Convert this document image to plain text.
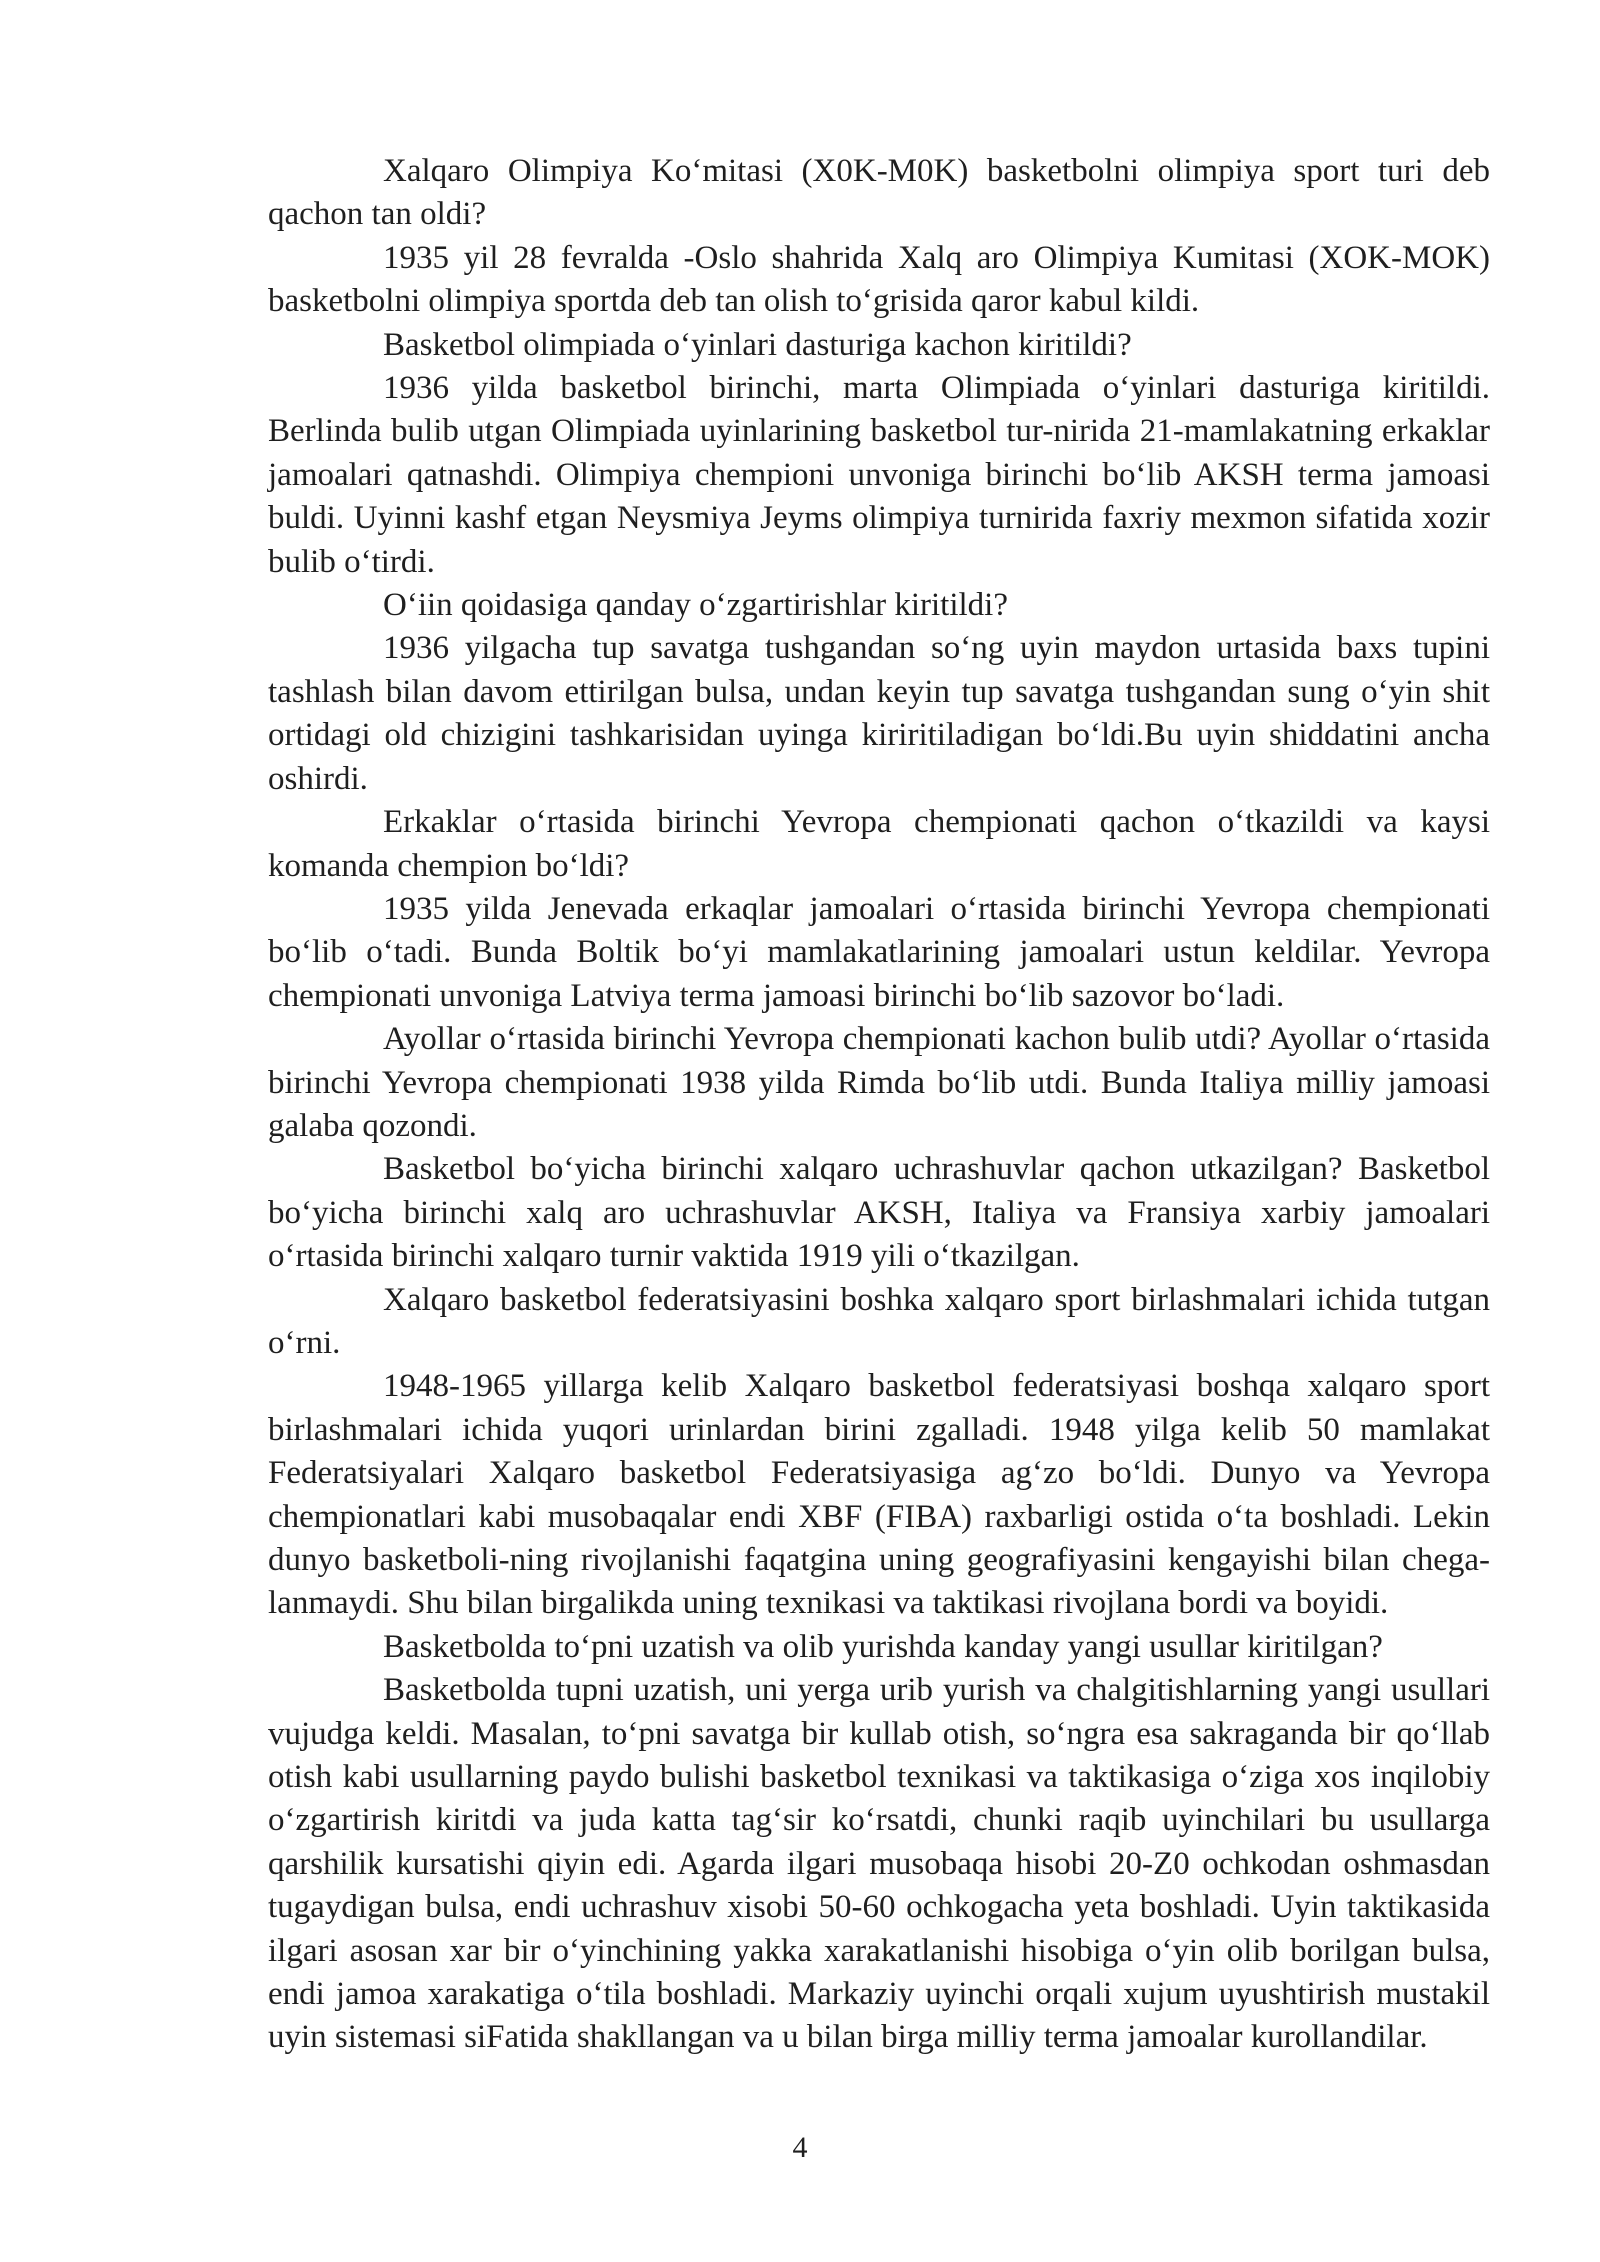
Xalqaro Olimpiya Koʻmitasi (X0K-M0K) basketbolni olimpiya sport turi deb qachon tan oldi?

1935 yil 28 fevralda -Oslo shahrida Xalq aro Olimpiya Kumitasi (XOK-MOK) basketbolni olimpiya sportda deb tan olish toʻgrisida qaror kabul kildi.

Basketbol olimpiada oʻyinlari dasturiga kachon kiritildi?

1936 yilda basketbol birinchi, marta Olimpiada oʻyinlari dasturiga kiritildi. Berlinda bulib utgan Olimpiada uyinlarining basketbol tur-nirida 21-mamlakatning erkaklar jamoalari qatnashdi. Olimpiya chempioni unvoniga birinchi boʻlib AKSH terma jamoasi buldi. Uyinni kashf etgan Neysmiya Jeyms olimpiya turnirida faxriy mexmon sifatida xozir bulib oʻtirdi.

Oʻiin qoidasiga qanday oʻzgartirishlar kiritildi?

1936 yilgacha tup savatga tushgandan soʻng uyin maydon urtasida baxs tupini tashlash bilan davom ettirilgan bulsa, undan keyin tup savatga tushgandan sung oʻyin shit ortidagi old chizigini tashkarisidan uyinga kiriritiladigan boʻldi.Bu uyin shiddatini ancha oshirdi.

Erkaklar oʻrtasida birinchi Yevropa chempionati qachon oʻtkazildi va kaysi komanda chempion boʻldi?

1935 yilda Jenevada erkaqlar jamoalari oʻrtasida birinchi Yevropa chempionati boʻlib oʻtadi. Bunda Boltik boʻyi mamlakatlarining jamoalari ustun keldilar. Yevropa chempionati unvoniga Latviya terma jamoasi birinchi boʻlib sazovor boʻladi.

Ayollar oʻrtasida birinchi Yevropa chempionati kachon bulib utdi? Ayollar oʻrtasida birinchi Yevropa chempionati 1938 yilda Rimda boʻlib utdi. Bunda Italiya milliy jamoasi galaba qozondi.

Basketbol boʻyicha birinchi xalqaro uchrashuvlar qachon utkazilgan? Basketbol boʻyicha birinchi xalq aro uchrashuvlar AKSH, Italiya va Fransiya xarbiy jamoalari oʻrtasida birinchi xalqaro turnir vaktida 1919 yili oʻtkazilgan.

Xalqaro basketbol federatsiyasini boshka xalqaro sport birlashmalari ichida tutgan oʻrni.

1948-1965 yillarga kelib Xalqaro basketbol federatsiyasi boshqa xalqaro sport birlashmalari ichida yuqori urinlardan birini zgalladi. 1948 yilga kelib 50 mamlakat Federatsiyalari Xalqaro basketbol Federatsiyasiga agʻzo boʻldi. Dunyo va Yevropa chempionatlari kabi musobaqalar endi XBF (FIBA) raxbarligi ostida oʻta boshladi. Lekin dunyo basketboli-ning rivojlanishi faqatgina uning geografiyasini kengayishi bilan chega-lanmaydi. Shu bilan birgalikda uning texnikasi va taktikasi rivojlana bordi va boyidi.

Basketbolda toʻpni uzatish va olib yurishda kanday yangi usullar kiritilgan?

Basketbolda tupni uzatish, uni yerga urib yurish va chalgitishlarning yangi usullari vujudga keldi. Masalan, toʻpni savatga bir kullab otish, soʻngra esa sakraganda bir qoʻllab otish kabi usullarning paydo bulishi basketbol texnikasi va taktikasiga oʻziga xos inqilobiy oʻzgartirish kiritdi va juda katta tagʻsir koʻrsatdi, chunki raqib uyinchilari bu usullarga qarshilik kursatishi qiyin edi. Agarda ilgari musobaqa hisobi 20-Z0 ochkodan oshmasdan tugaydigan bulsa, endi uchrashuv xisobi 50-60 ochkogacha yeta boshladi. Uyin taktikasida ilgari asosan xar bir oʻyinchining yakka xarakatlanishi hisobiga oʻyin olib borilgan bulsa, endi jamoa xarakatiga oʻtila boshladi. Markaziy uyinchi orqali xujum uyushtirish mustakil uyin sistemasi siFatida shakllangan va u bilan birga milliy terma jamoalar kurollandilar.

4
